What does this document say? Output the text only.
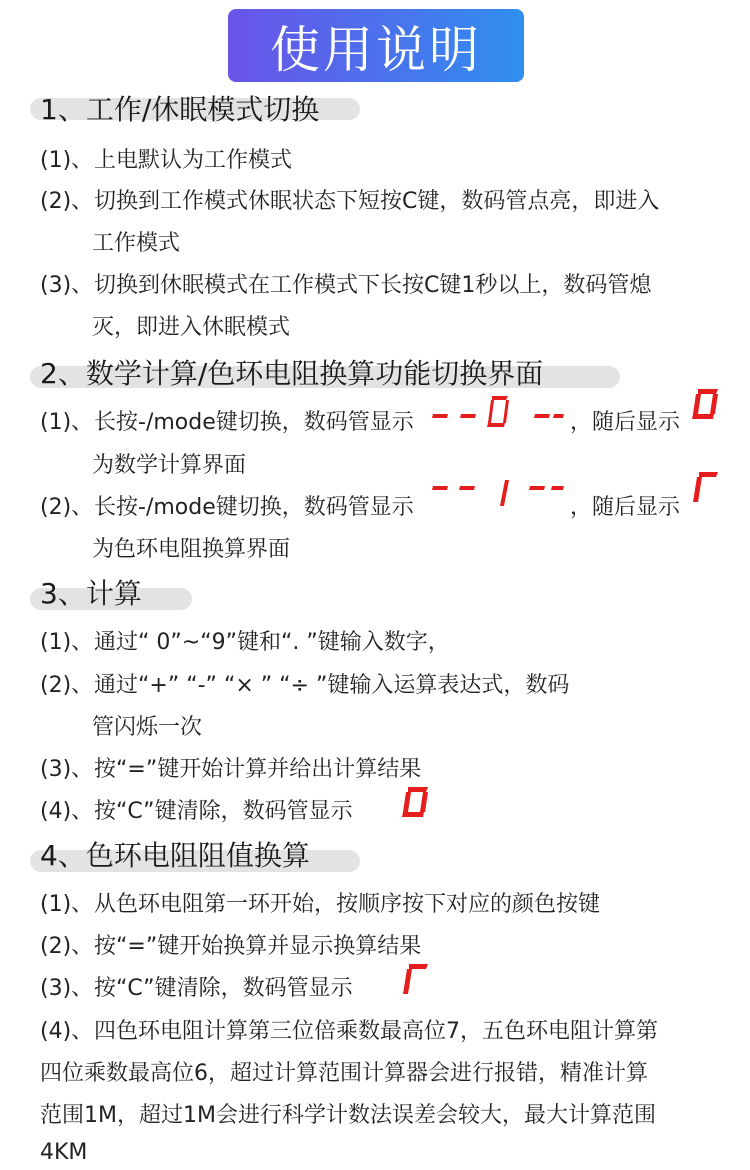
使用说明
1、工作/休眠模式切换
(1)、上电默认为工作模式
(2)、切换到工作模式休眠状态下短按C键，数码管点亮，即进入
工作模式
(3)、切换到休眠模式在工作模式下长按C键1秒以上，数码管熄
灭，即进入休眠模式
2、数学计算/色环电阻换算功能切换界面
(1)、长按-/mode键切换，数码管显示	，随后显示
为数学计算界面
(2)、长按-/mode键切换，数码管显示	，随后显示
为色环电阻换算界面
3、计算
(1)、通过“ 0”~“9”键和“. ”键输入数字，
(2)、通过“+” “-” “× ” “÷ ”键输入运算表达式，数码
管闪烁一次
(3)、按“=”键开始计算并给出计算结果
(4)、按“C”键清除，数码管显示
4、色环电阻阻值换算
(1)、从色环电阻第一环开始，按顺序按下对应的颜色按键
(2)、按“=”键开始换算并显示换算结果
(3)、按“C”键清除，数码管显示
(4)、四色环电阻计算第三位倍乘数最高位7，五色环电阻计算第
四位乘数最高位6，超过计算范围计算器会进行报错，精准计算
范围1M，超过1M会进行科学计数法误差会较大，最大计算范围
4KM
